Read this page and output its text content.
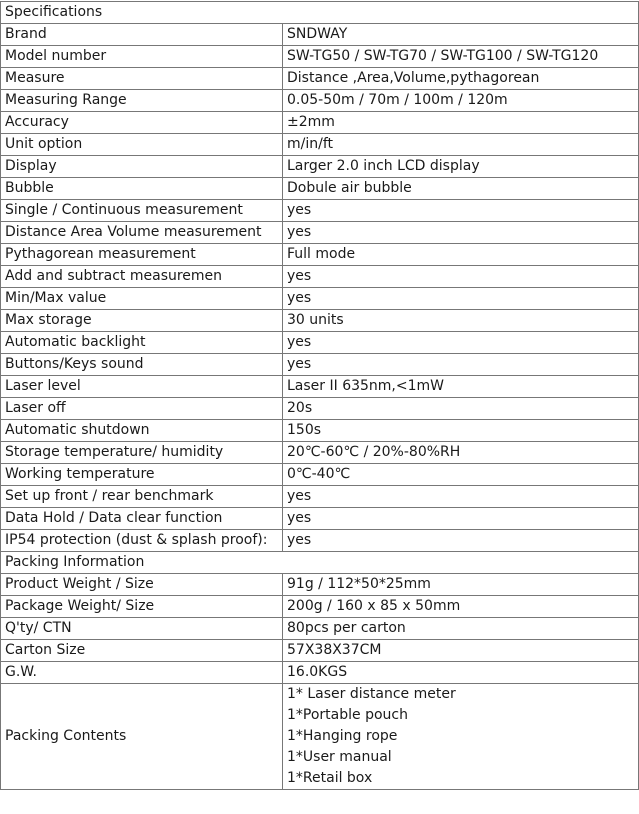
Specifications	
Brand	SNDWAY
Model number	SW-TG50 / SW-TG70 / SW-TG100 / SW-TG120
Measure	Distance ,Area,Volume,pythagorean
Measuring Range	0.05-50m / 70m / 100m / 120m
Accuracy	±2mm
Unit option	m/in/ft
Display	Larger 2.0 inch LCD display
Bubble	Dobule air bubble
Single / Continuous measurement	yes
Distance Area Volume measurement	yes
Pythagorean measurement	Full mode
Add and subtract measuremen	yes
Min/Max value	yes
Max storage	30 units
Automatic backlight	yes
Buttons/Keys sound	yes
Laser level	Laser II 635nm,<1mW
Laser off	20s
Automatic shutdown	150s
Storage temperature/ humidity	20℃-60℃ / 20%-80%RH
Working temperature	0℃-40℃
Set up front / rear benchmark	yes
Data Hold / Data clear function	yes
IP54 protection (dust & splash proof):	yes
Packing Information	
Product Weight / Size	91g / 112*50*25mm
Package Weight/ Size	200g / 160 x 85 x 50mm
Q'ty/ CTN	80pcs per carton
Carton Size	57X38X37CM
G.W.	16.0KGS
Packing Contents	1* Laser distance meter
1*Portable pouch
1*Hanging rope
1*User manual
1*Retail box
